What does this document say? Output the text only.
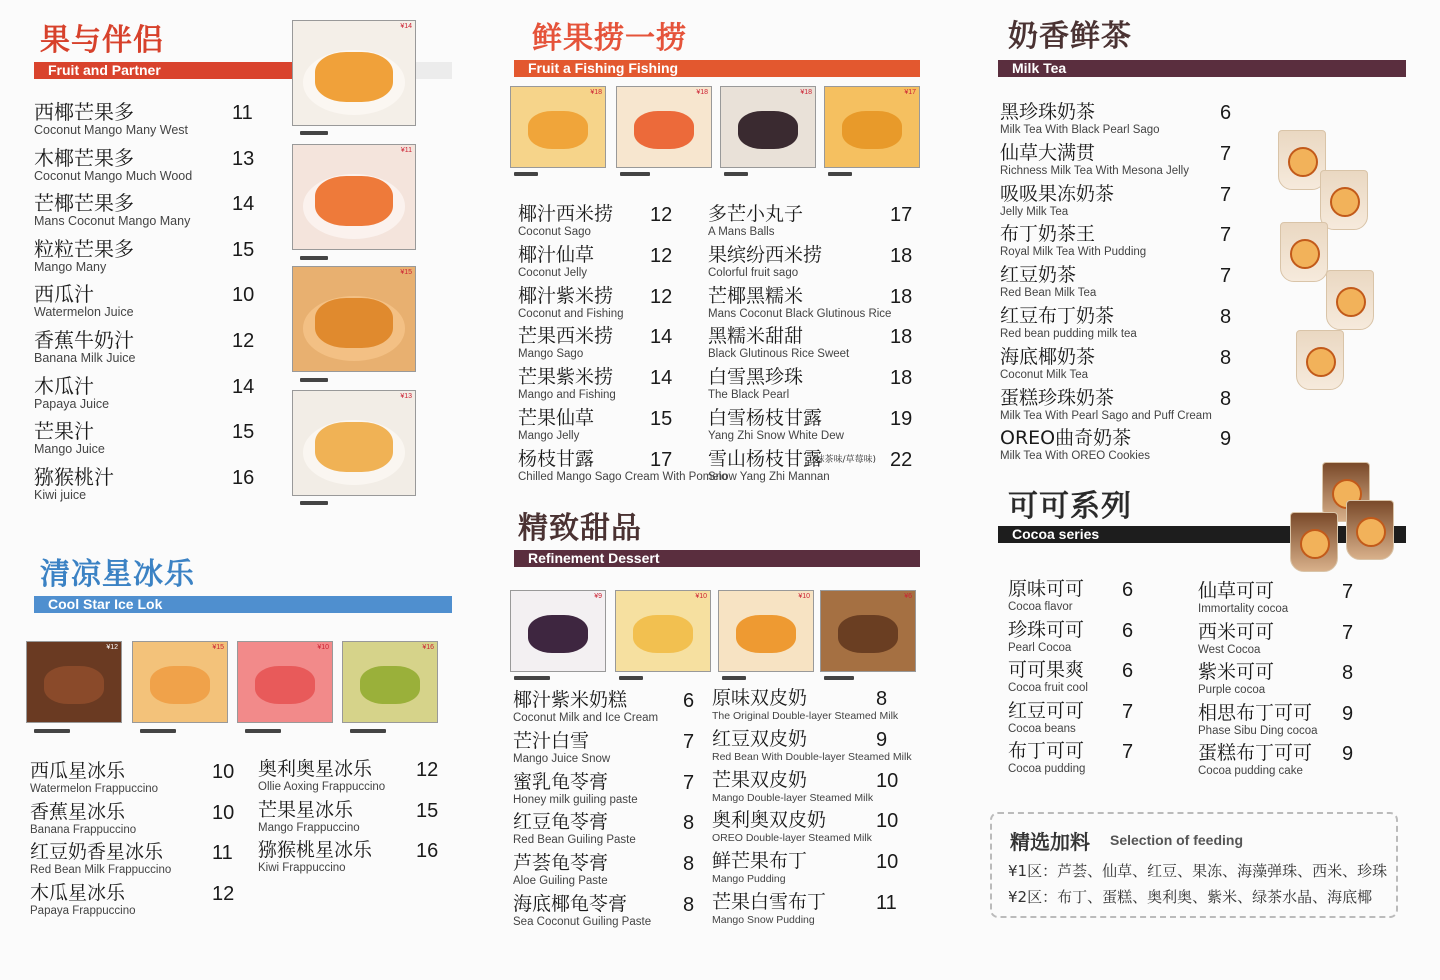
果与伴侣
Fruit and Partner
西椰芒果多
Coconut Mango Many West
11
木椰芒果多
Coconut Mango Much Wood
13
芒椰芒果多
Mans Coconut Mango Many
14
粒粒芒果多
Mango Many
15
西瓜汁
Watermelon Juice
10
香蕉牛奶汁
Banana Milk Juice
12
木瓜汁
Papaya Juice
14
芒果汁
Mango Juice
15
猕猴桃汁
Kiwi juice
16
¥14
¥11
¥15
¥13
清凉星冰乐
Cool Star Ice Lok
¥12	¥15	¥10	¥16
西瓜星冰乐
Watermelon Frappuccino
10
香蕉星冰乐
Banana Frappuccino
10
红豆奶香星冰乐
Red Bean Milk Frappuccino
11
木瓜星冰乐
Papaya Frappuccino
12
奥利奥星冰乐
Ollie Aoxing Frappuccino
12
芒果星冰乐
Mango Frappuccino
15
猕猴桃星冰乐
Kiwi Frappuccino
16
鲜果捞一捞
Fruit a Fishing Fishing
¥18	¥18	¥18	¥17
椰汁西米捞
Coconut Sago
12
椰汁仙草
Coconut Jelly
12
椰汁紫米捞
Coconut and Fishing
12
芒果西米捞
Mango Sago
14
芒果紫米捞
Mango and Fishing
14
芒果仙草
Mango Jelly
15
杨枝甘露
Chilled Mango Sago Cream With Pomelo
17
多芒小丸子
A Mans Balls
17
果缤纷西米捞
Colorful fruit sago
18
芒椰黑糯米
Mans Coconut Black Glutinous Rice
18
黑糯米甜甜
Black Glutinous Rice Sweet
18
白雪黑珍珠
The Black Pearl
18
白雪杨枝甘露
Yang Zhi Snow White Dew
19
雪山杨枝甘露
(抹茶味/草莓味)
Snow Yang Zhi Mannan
22
精致甜品
Refinement Dessert
¥9	¥10	¥10	¥6
椰汁紫米奶糕
Coconut Milk and Ice Cream
6
芒汁白雪
Mango Juice Snow
7
蜜乳龟苓膏
Honey milk guiling paste
7
红豆龟苓膏
Red Bean Guiling Paste
8
芦荟龟苓膏
Aloe Guiling Paste
8
海底椰龟苓膏
Sea Coconut Guiling Paste
8
原味双皮奶
The Original Double-layer Steamed Milk
8
红豆双皮奶
Red Bean With Double-layer Steamed Milk
9
芒果双皮奶
Mango Double-layer Steamed Milk
10
奥利奥双皮奶
OREO Double-layer Steamed Milk
10
鲜芒果布丁
Mango Pudding
10
芒果白雪布丁
Mango Snow Pudding
11
奶香鲜茶
Milk Tea
黑珍珠奶茶
Milk Tea With Black Pearl Sago
6
仙草大满贯
Richness Milk Tea With Mesona Jelly
7
吸吸果冻奶茶
Jelly Milk Tea
7
布丁奶茶王
Royal Milk Tea With Pudding
7
红豆奶茶
Red Bean Milk Tea
7
红豆布丁奶茶
Red bean pudding milk tea
8
海底椰奶茶
Coconut Milk Tea
8
蛋糕珍珠奶茶
Milk Tea With Pearl Sago and Puff Cream
8
OREO曲奇奶茶
Milk Tea With OREO Cookies
9
可可系列
Cocoa series
原味可可
Cocoa flavor
6
珍珠可可
Pearl Cocoa
6
可可果爽
Cocoa fruit cool
6
红豆可可
Cocoa beans
7
布丁可可
Cocoa pudding
7
仙草可可
Immortality cocoa
7
西米可可
West Cocoa
7
紫米可可
Purple cocoa
8
相思布丁可可
Phase Sibu Ding cocoa
9
蛋糕布丁可可
Cocoa pudding cake
9
精选加料 Selection of feeding
¥1区：芦荟、仙草、红豆、果冻、海藻弹珠、西米、珍珠
¥2区：布丁、蛋糕、奥利奥、紫米、绿茶水晶、海底椰
